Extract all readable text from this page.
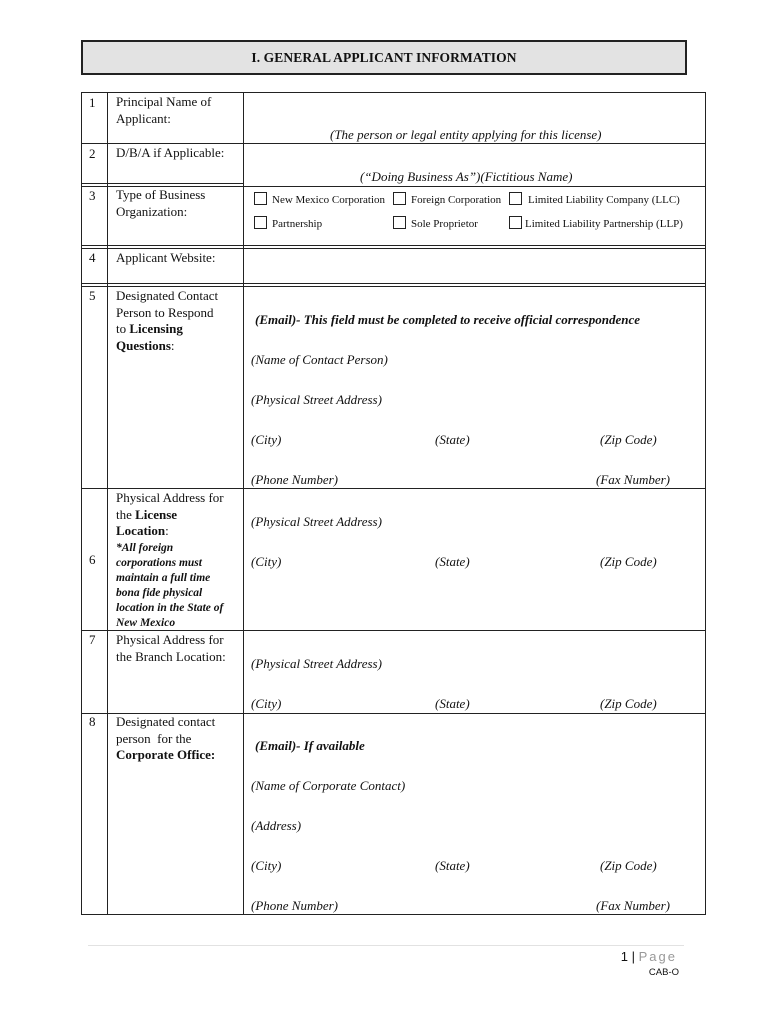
I. GENERAL APPLICANT INFORMATION
1 Principal Name of Applicant:
(The person or legal entity applying for this license)
2 D/B/A if Applicable:
(“Doing Business As”)(Fictitious Name)
3 Type of Business Organization:
New Mexico Corporation Foreign Corporation Limited Liability Company (LLC)
Partnership	Sole Proprietor	Limited Liability Partnership (LLP)
4 Applicant Website:
5 Designated Contact
Person to Respond
to Licensing
Questions:
(Email)- This field must be completed to receive official correspondence
(Name of Contact Person)
(Physical Street Address)
(City)	(State)	(Zip Code)
(Phone Number)	(Fax Number)
6
Physical Address for
the License
Location:
*All foreign
corporations must
maintain a full time
bona fide physical
location in the State of
New Mexico
(Physical Street Address)
(City)	(State)	(Zip Code)
7 Physical Address for
the Branch Location:	(Physical Street Address)
(City)	(State)	(Zip Code)
8 Designated contact
person  for the
Corporate Office:
(Email)- If available
(Name of Corporate Contact)
(Address)
(City)	(State)	(Zip Code)
(Phone Number)	(Fax Number)
1 | Page
CAB-O
